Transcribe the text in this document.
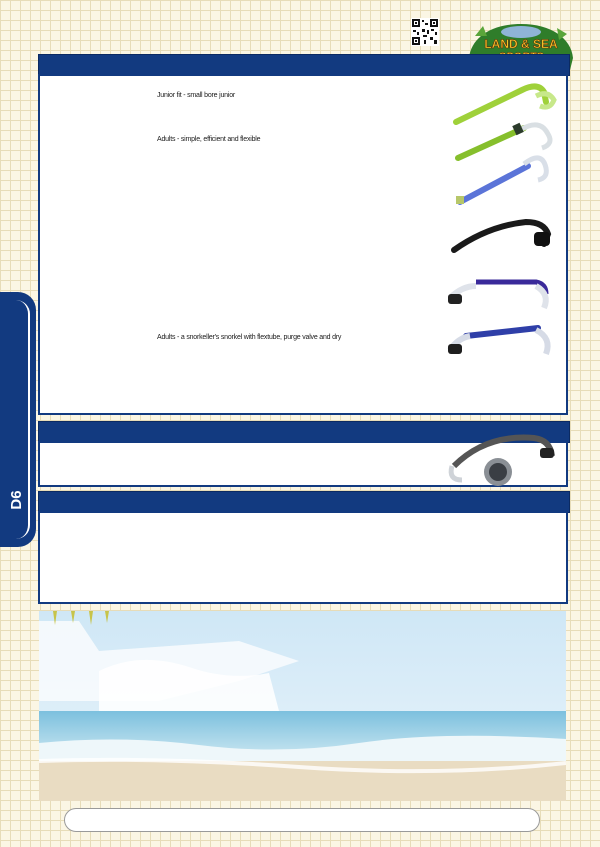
D6
LAND & SEA
Junior fit - small bore junior
Adults - simple, efficient and flexible
Adults - a snorkeller's snorkel with flextube, purge valve and dry
